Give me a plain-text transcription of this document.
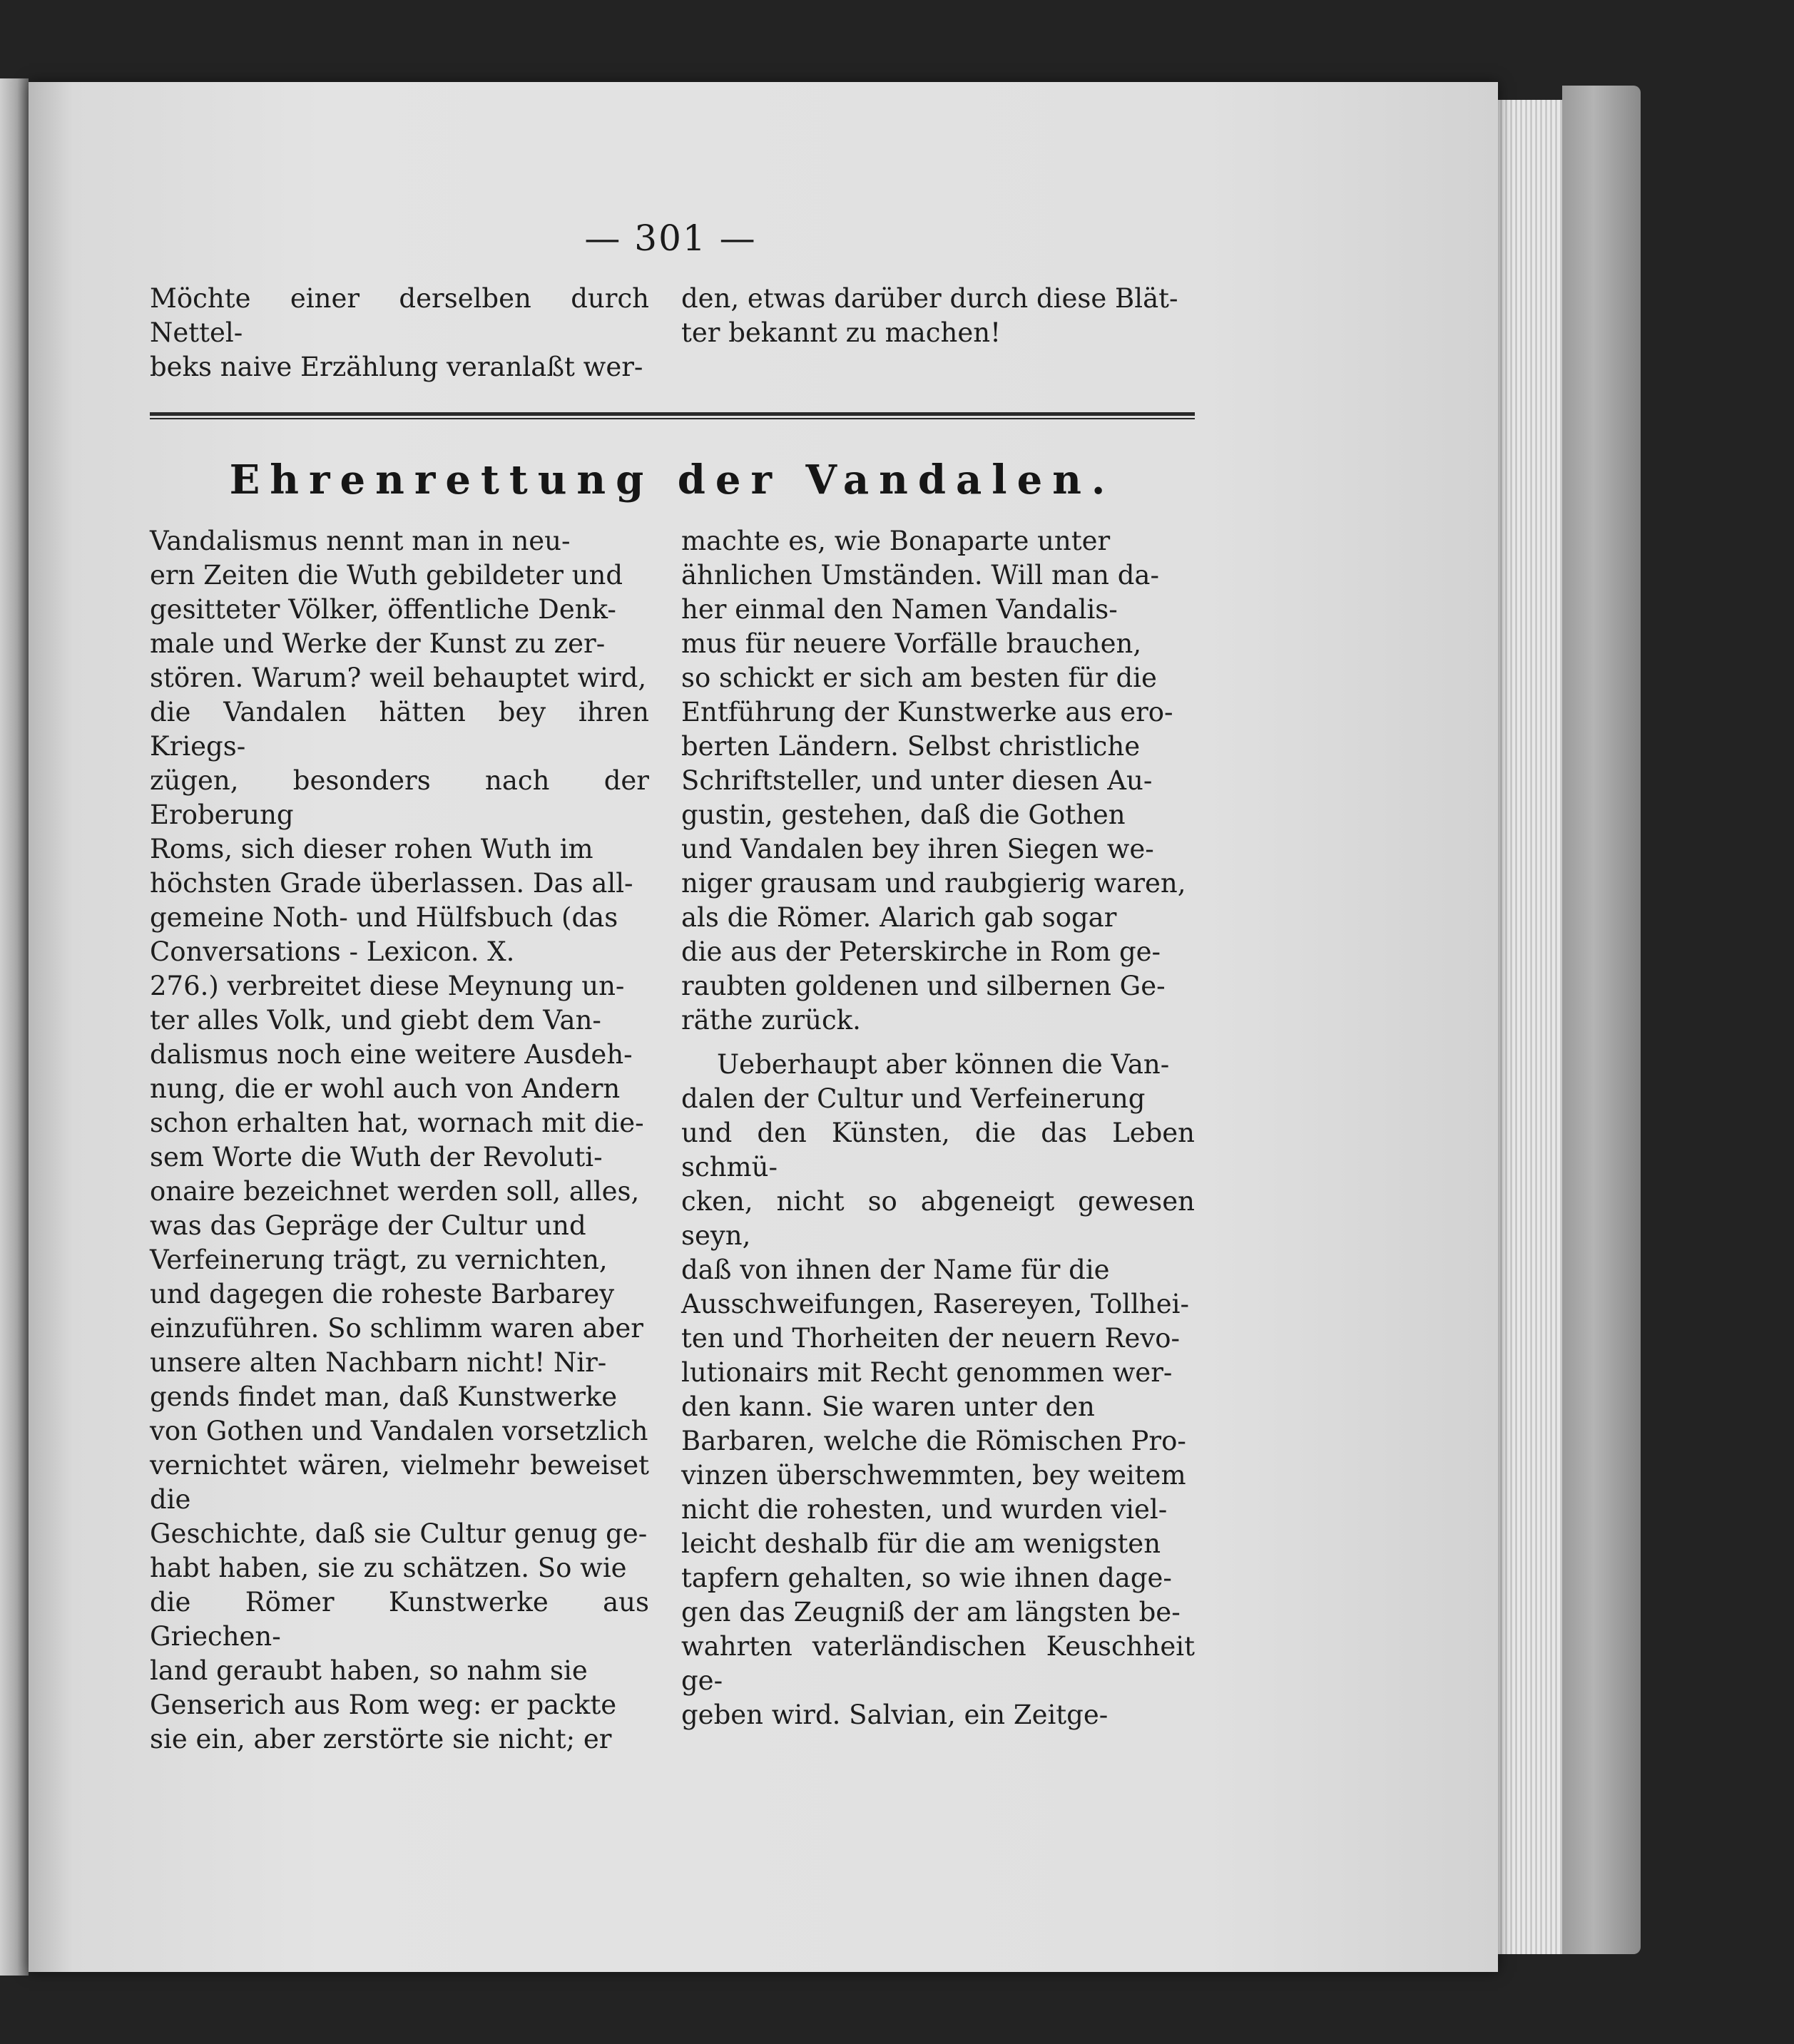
— 301 —

Möchte einer derselben durch Nettel-
beks naive Erzählung veranlaßt wer-

den, etwas darüber durch diese Blät-
ter bekannt zu machen!

Ehrenrettung der Vandalen.

Vandalismus nennt man in neu-
ern Zeiten die Wuth gebildeter und
gesitteter Völker, öffentliche Denk-
male und Werke der Kunst zu zer-
stören. Warum? weil behauptet wird,
die Vandalen hätten bey ihren Kriegs-
zügen, besonders nach der Eroberung
Roms, sich dieser rohen Wuth im
höchsten Grade überlassen. Das all-
gemeine Noth- und Hülfsbuch (das
Conversations - Lexicon. X.
276.) verbreitet diese Meynung un-
ter alles Volk, und giebt dem Van-
dalismus noch eine weitere Ausdeh-
nung, die er wohl auch von Andern
schon erhalten hat, wornach mit die-
sem Worte die Wuth der Revoluti-
onaire bezeichnet werden soll, alles,
was das Gepräge der Cultur und
Verfeinerung trägt, zu vernichten,
und dagegen die roheste Barbarey
einzuführen. So schlimm waren aber
unsere alten Nachbarn nicht! Nir-
gends findet man, daß Kunstwerke
von Gothen und Vandalen vorsetzlich
vernichtet wären, vielmehr beweiset die
Geschichte, daß sie Cultur genug ge-
habt haben, sie zu schätzen. So wie
die Römer Kunstwerke aus Griechen-
land geraubt haben, so nahm sie
Genserich aus Rom weg: er packte
sie ein, aber zerstörte sie nicht; er

machte es, wie Bonaparte unter
ähnlichen Umständen. Will man da-
her einmal den Namen Vandalis-
mus für neuere Vorfälle brauchen,
so schickt er sich am besten für die
Entführung der Kunstwerke aus ero-
berten Ländern. Selbst christliche
Schriftsteller, und unter diesen Au-
gustin, gestehen, daß die Gothen
und Vandalen bey ihren Siegen we-
niger grausam und raubgierig waren,
als die Römer. Alarich gab sogar
die aus der Peterskirche in Rom ge-
raubten goldenen und silbernen Ge-
räthe zurück.

Ueberhaupt aber können die Van-
dalen der Cultur und Verfeinerung
und den Künsten, die das Leben schmü-
cken, nicht so abgeneigt gewesen seyn,
daß von ihnen der Name für die
Ausschweifungen, Rasereyen, Tollhei-
ten und Thorheiten der neuern Revo-
lutionairs mit Recht genommen wer-
den kann. Sie waren unter den
Barbaren, welche die Römischen Pro-
vinzen überschwemmten, bey weitem
nicht die rohesten, und wurden viel-
leicht deshalb für die am wenigsten
tapfern gehalten, so wie ihnen dage-
gen das Zeugniß der am längsten be-
wahrten vaterländischen Keuschheit ge-
geben wird. Salvian, ein Zeitge-
